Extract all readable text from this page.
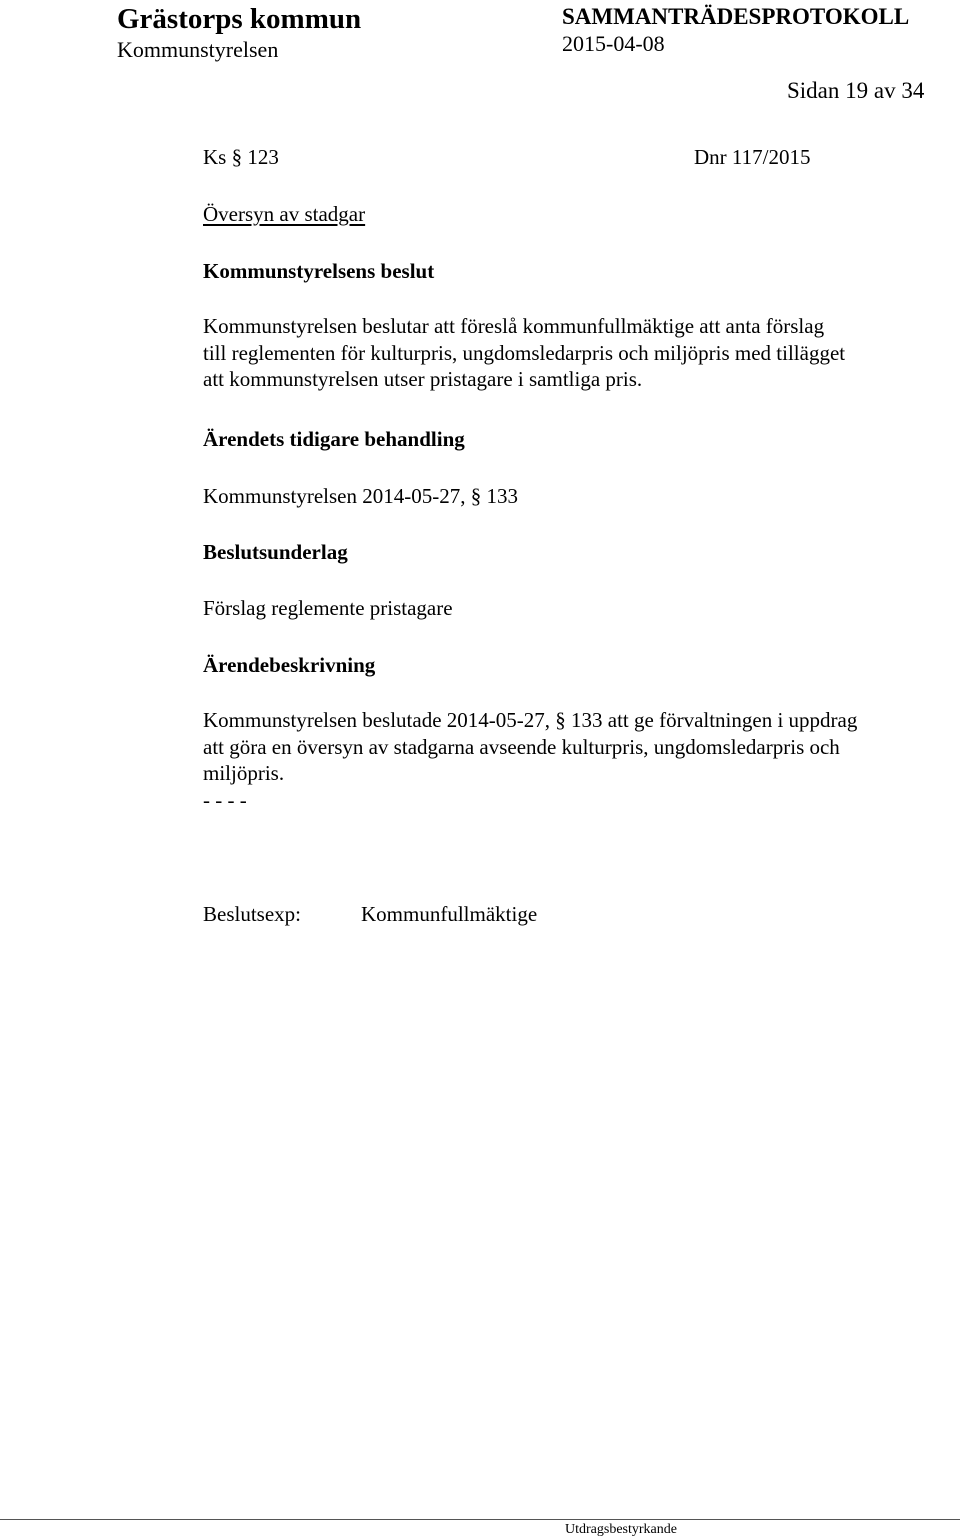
Grästorps kommun
Kommunstyrelsen
SAMMANTRÄDESPROTOKOLL
2015-04-08
Sidan 19 av 34
Ks § 123	Dnr 117/2015
Översyn av stadgar
Kommunstyrelsens beslut
Kommunstyrelsen beslutar att föreslå kommunfullmäktige att anta förslag
till reglementen för kulturpris, ungdomsledarpris och miljöpris med tillägget
att kommunstyrelsen utser pristagare i samtliga pris.
Ärendets tidigare behandling
Kommunstyrelsen 2014-05-27, § 133
Beslutsunderlag
Förslag reglemente pristagare
Ärendebeskrivning
Kommunstyrelsen beslutade 2014-05-27, § 133 att ge förvaltningen i uppdrag
att göra en översyn av stadgarna avseende kulturpris, ungdomsledarpris och
miljöpris.
- - - -
Beslutsexp:	Kommunfullmäktige
Utdragsbestyrkande
